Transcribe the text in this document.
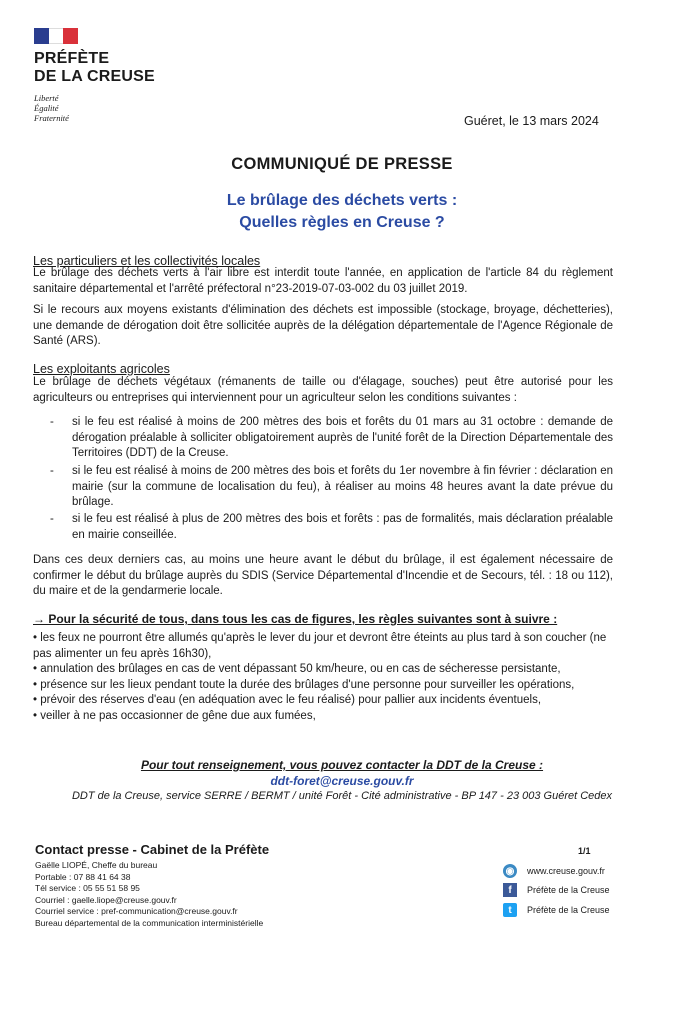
PRÉFÈTE
DE LA CREUSE
Liberté
Égalité
Fraternité	Guéret, le 13 mars 2024
COMMUNIQUÉ DE PRESSE
Le brûlage des déchets verts :
Quelles règles en Creuse ?
Les particuliers et les collectivités locales
Le brûlage des déchets verts à l'air libre est interdit toute l'année, en application de l'article 84 du règlement sanitaire départemental et l'arrêté préfectoral n°23-2019-07-03-002 du 03 juillet 2019.
Si le recours aux moyens existants d'élimination des déchets est impossible (stockage, broyage, déchetteries), une demande de dérogation doit être sollicitée auprès de la délégation départementale de l'Agence Régionale de Santé (ARS).
Les exploitants agricoles
Le brûlage de déchets végétaux (rémanents de taille ou d'élagage, souches) peut être autorisé pour les agriculteurs ou entreprises qui interviennent pour un agriculteur selon les conditions suivantes :
-	si le feu est réalisé à moins de 200 mètres des bois et forêts du 01 mars au 31 octobre : demande de dérogation préalable à solliciter obligatoirement auprès de l'unité forêt de la Direction Départementale des Territoires (DDT) de la Creuse.
-	si le feu est réalisé à moins de 200 mètres des bois et forêts du 1er novembre à fin février : déclaration en mairie (sur la commune de localisation du feu), à réaliser au moins 48 heures avant la date prévue du brûlage.
-	si le feu est réalisé à plus de 200 mètres des bois et forêts : pas de formalités, mais déclaration préalable en mairie conseillée.
Dans ces deux derniers cas, au moins une heure avant le début du brûlage, il est également nécessaire de confirmer le début du brûlage auprès du SDIS (Service Départemental d'Incendie et de Secours, tél. : 18 ou 112), du maire et de la gendarmerie locale.
→ Pour la sécurité de tous, dans tous les cas de figures, les règles suivantes sont à suivre :
• les feux ne pourront être allumés qu'après le lever du jour et devront être éteints au plus tard à son coucher (ne pas alimenter un feu après 16h30),
• annulation des brûlages en cas de vent dépassant 50 km/heure, ou en cas de sécheresse persistante,
• présence sur les lieux pendant toute la durée des brûlages d'une personne pour surveiller les opérations,
• prévoir des réserves d'eau (en adéquation avec le feu réalisé) pour pallier aux incidents éventuels,
• veiller à ne pas occasionner de gêne due aux fumées,
Pour tout renseignement, vous pouvez contacter la DDT de la Creuse :
ddt-foret@creuse.gouv.fr
DDT de la Creuse, service SERRE / BERMT / unité Forêt - Cité administrative - BP 147 - 23 003 Guéret Cedex
Contact presse - Cabinet de la Préfète
Gaëlle LIOPÉ, Cheffe du bureau
Portable : 07 88 41 64 38
Tél service : 05 55 51 58 95
Courriel : gaelle.liope@creuse.gouv.fr
Courriel service : pref-communication@creuse.gouv.fr
Bureau départemental de la communication interministérielle
1/1
◉ www.creuse.gouv.fr
f	Préfète de la Creuse
t	Préfète de la Creuse
